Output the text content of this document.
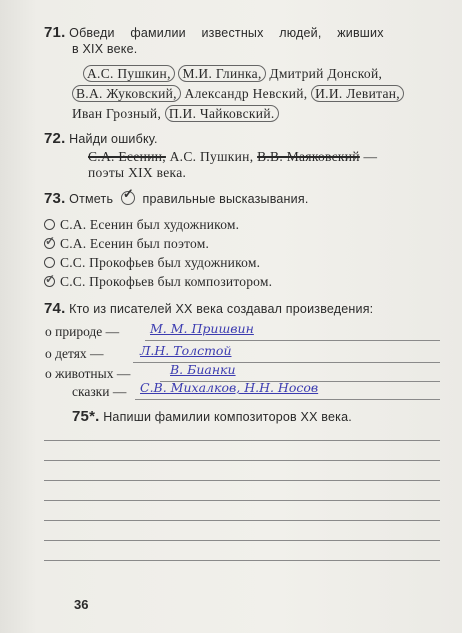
71. Обведи фамилии известных людей, живших
в XIX веке.
А.С. Пушкин, М.И. Глинка, Дмитрий Донской,
В.А. Жуковский, Александр Невский, И.И. Левитан,
Иван Грозный, П.И. Чайковский.
72. Найди ошибку.
С.А. Есенин, А.С. Пушкин, В.В. Маяковский —
поэты XIX века.
73. Отметь ✓ правильные высказывания.
С.А. Есенин был художником.
✓ С.А. Есенин был поэтом.
С.С. Прокофьев был художником.
✓ С.С. Прокофьев был композитором.
74. Кто из писателей XX века создавал произведения:
о природе — М. М. Пришвин
о детях —	Л.Н. Толстой
о животных —	В. Бианки
сказки — С.В. Михалков, Н.Н. Носов
75*. Напиши фамилии композиторов XX века.
36
